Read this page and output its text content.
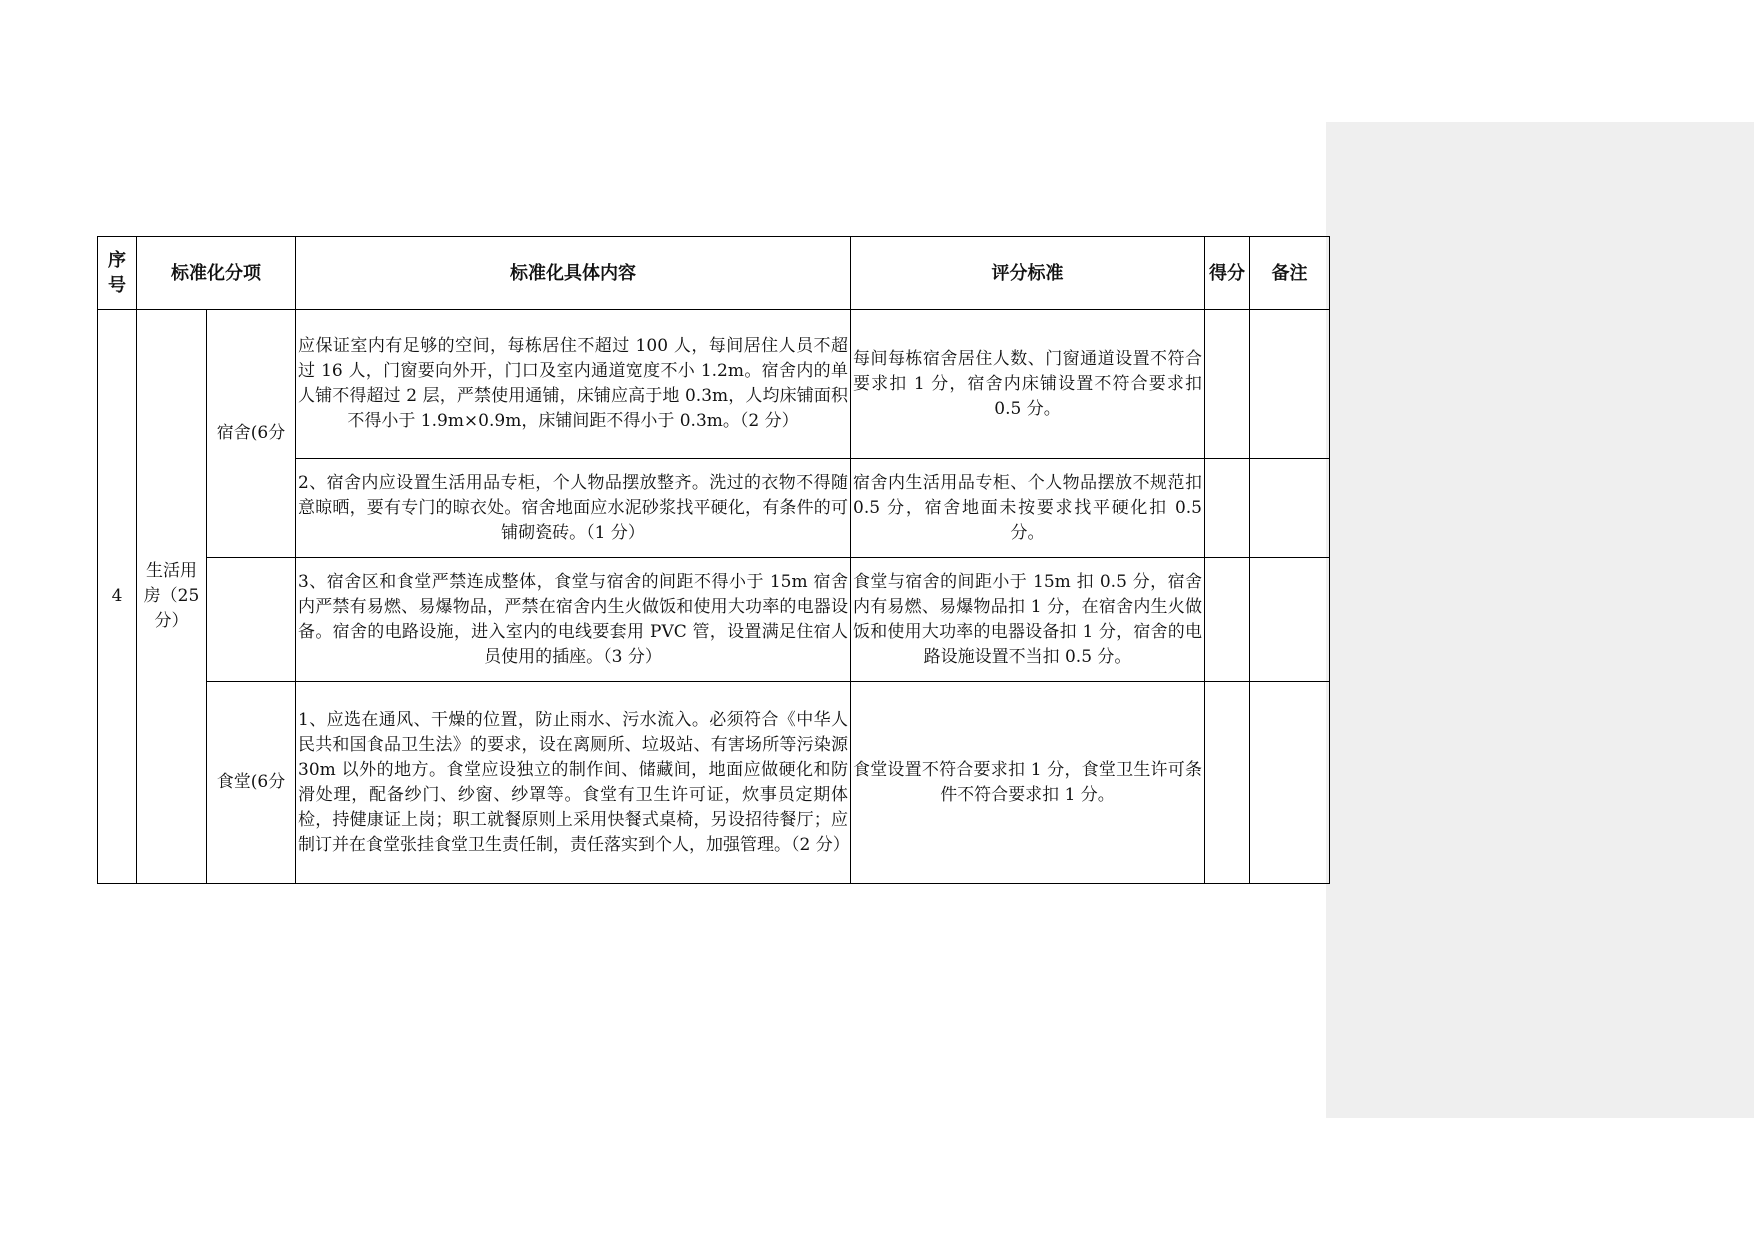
序号	标准化分项		标准化具体内容	评分标准	得分	备注
4	生活用房（25分）	宿舍(6分	应保证室内有足够的空间，每栋居住不超过 100 人，每间居住人员不超过 16 人，门窗要向外开，门口及室内通道宽度不小 1.2m。宿舍内的单人铺不得超过 2 层，严禁使用通铺，床铺应高于地 0.3m，人均床铺面积不得小于 1.9m×0.9m，床铺间距不得小于 0.3m。（2 分）	每间每栋宿舍居住人数、门窗通道设置不符合要求扣 1 分，宿舍内床铺设置不符合要求扣 0.5 分。		
			2、宿舍内应设置生活用品专柜，个人物品摆放整齐。洗过的衣物不得随意晾晒，要有专门的晾衣处。宿舍地面应水泥砂浆找平硬化，有条件的可铺砌瓷砖。（1 分）	宿舍内生活用品专柜、个人物品摆放不规范扣 0.5 分，宿舍地面未按要求找平硬化扣 0.5 分。		
			3、宿舍区和食堂严禁连成整体，食堂与宿舍的间距不得小于 15m 宿舍内严禁有易燃、易爆物品，严禁在宿舍内生火做饭和使用大功率的电器设备。宿舍的电路设施，进入室内的电线要套用 PVC 管，设置满足住宿人员使用的插座。（3 分）	食堂与宿舍的间距小于 15m 扣 0.5 分，宿舍内有易燃、易爆物品扣 1 分，在宿舍内生火做饭和使用大功率的电器设备扣 1 分，宿舍的电路设施设置不当扣 0.5 分。		
		食堂(6分	1、应选在通风、干燥的位置，防止雨水、污水流入。必须符合《中华人民共和国食品卫生法》的要求，设在离厕所、垃圾站、有害场所等污染源 30m 以外的地方。食堂应设独立的制作间、储藏间，地面应做硬化和防滑处理，配备纱门、纱窗、纱罩等。食堂有卫生许可证，炊事员定期体检，持健康证上岗；职工就餐原则上采用快餐式桌椅，另设招待餐厅；应制订并在食堂张挂食堂卫生责任制，责任落实到个人，加强管理。（2 分）	食堂设置不符合要求扣 1 分，食堂卫生许可条件不符合要求扣 1 分。		
